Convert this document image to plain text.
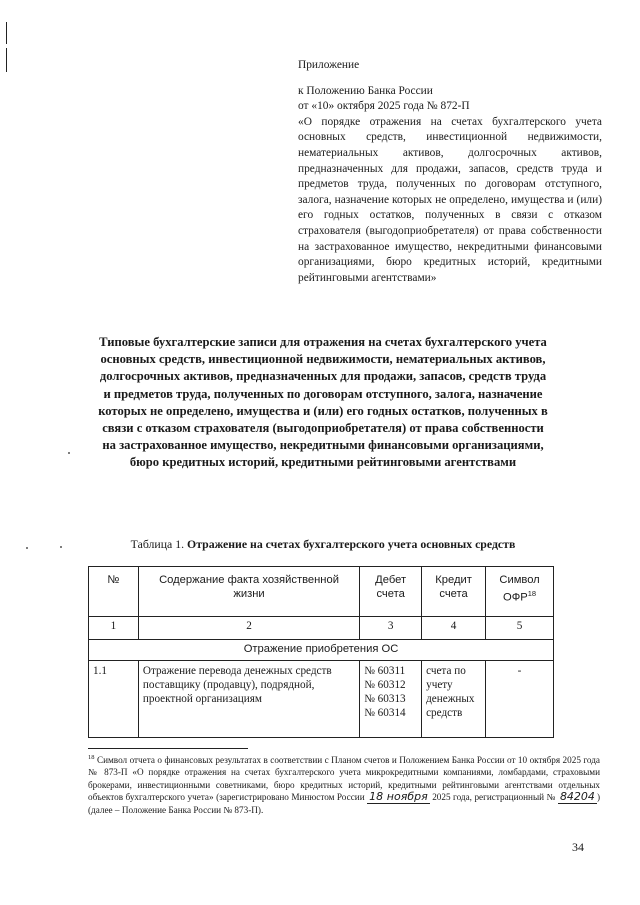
Приложение

к Положению Банка России

от «10» октября 2025 года № 872-П

«О порядке отражения на счетах бухгалтерского учета основных средств, инвестиционной недвижимости, нематериальных активов, долгосрочных активов, предназначенных для продажи, запасов, средств труда и предметов труда, полученных по договорам отступного, залога, назначение которых не определено, имущества и (или) его годных остатков, полученных в связи с отказом страхователя (выгодоприобретателя) от права собственности на застрахованное имущество, некредитными финансовыми организациями, бюро кредитных историй, кредитными рейтинговыми агентствами»

Типовые бухгалтерские записи для отражения на счетах бухгалтерского учета основных средств, инвестиционной недвижимости, нематериальных активов, долгосрочных активов, предназначенных для продажи, запасов, средств труда и предметов труда, полученных по договорам отступного, залога, назначение которых не определено, имущества и (или) его годных остатков, полученных в связи с отказом страхователя (выгодоприобретателя) от права собственности на застрахованное имущество, некредитными финансовыми организациями, бюро кредитных историй, кредитными рейтинговыми агентствами

Таблица 1. Отражение на счетах бухгалтерского учета основных средств

№	Содержание факта хозяйственной жизни	Дебет счета	Кредит счета	Символ ОФР$^{18}$
1	2	3	4	5
Отражение приобретения ОС				
1.1	Отражение перевода денежных средств поставщику (продавцу), подрядной, проектной организациям	№ 60311
№ 60312
№ 60313
№ 60314	счета по учету денежных средств	-

$^{18}$ Символ отчета о финансовых результатах в соответствии с Планом счетов и Положением Банка России от 10 октября 2025 года № 873-П «О порядке отражения на счетах бухгалтерского учета микрокредитными компаниями, ломбардами, страховыми брокерами, инвестиционными советниками, бюро кредитных историй, кредитными рейтинговыми агентствами отдельных объектов бухгалтерского учета» (зарегистрировано Минюстом России 18 ноября 2025 года, регистрационный № 84204 ) (далее – Положение Банка России № 873-П).

34
